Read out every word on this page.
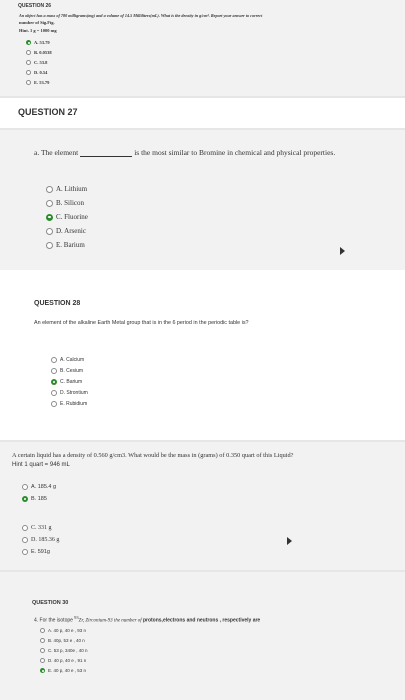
QUESTION 26
An object has a mass of 780 milligrams(mg) and a volume of 14.5 Milliliters(mL). What is the density in g/cm³. Report your answer to correct
number of Sig.Fig.
Hint. 1 g = 1000 mg
A. 53.79
B. 0.0538
C. 53.8
D. 0.54
E. 53.79
QUESTION 27
a. The element	is the most similar to Bromine in chemical and physical properties.
A. Lithium
B. Silicon
C. Fluorine
D. Arsenic
E. Barium
QUESTION 28
An element of the alkaline Earth Metal group that is in the 6 period in the periodic table is?
A. Calcium
B. Cesium
C. Barium
D. Strontium
E. Rubidium
A certain liquid has a density of 0.560 g/cm3. What would be the mass in (grams) of 0.350 quart of this Liquid?
Hint 1 quart = 946 mL
A. 185.4 g
B. 185
C. 331 g
D. 185.36 g
E. 591g
QUESTION 30
4. For the isotope $^{93}$Zr, Zirconium-93 the number of protons,electrons and neutrons , respectively are
A. 40 p, 40 e , 93 n
B. 40p, 53 e , 40 n
C. 53 p, 340e , 40 n
D. 40 p, 40 e , 91 n
E. 40 p, 40 e , 53 n
